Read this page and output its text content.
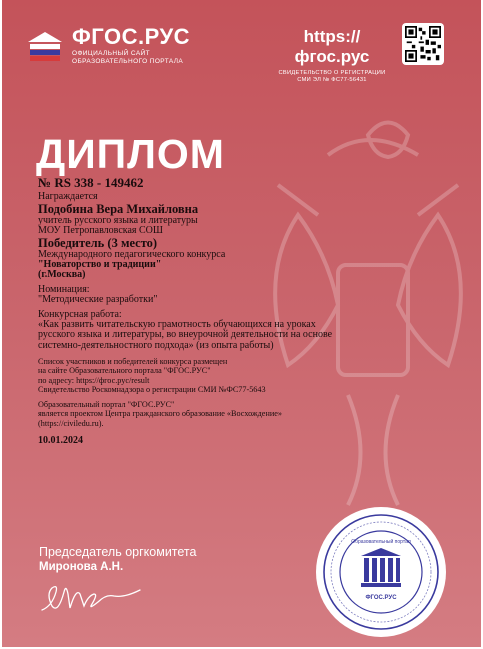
ФГОС.РУС
ОФИЦИАЛЬНЫЙ САЙТ
ОБРАЗОВАТЕЛЬНОГО ПОРТАЛА
https://фгос.рус
СВИДЕТЕЛЬСТВО О РЕГИСТРАЦИИ
СМИ ЭЛ № ФС77-56431
ДИПЛОМ
№ RS 338 - 149462
Награждается
Подобина Вера Михайловна
учитель русского языка и литературы
МОУ Петропавловская СОШ
Победитель (3 место)
Международного педагогического конкурса
"Новаторство и традиции"
(г.Москва)
Номинация:
"Методические разработки"
Конкурсная работа:
«Как развить читательскую грамотность обучающихся на уроках
русского языка и литературы, во внеурочной деятельности на основе
системно-деятельностного подхода» (из опыта работы)
Список участников и победителей конкурса размещен
на сайте Образовательного портала "ФГОС.РУС"
по адресу: https://фгос.рус/result
Свидетельство Роскомнадзора о регистрации СМИ №ФС77-5643
Образовательный портал "ФГОС.РУС"
является проектом Центра гражданского образование «Восхождение»
(https://civiledu.ru).
10.01.2024
Председатель оргкомитета
Миронова А.Н.
Образовательный портал
ФГОС.РУС
